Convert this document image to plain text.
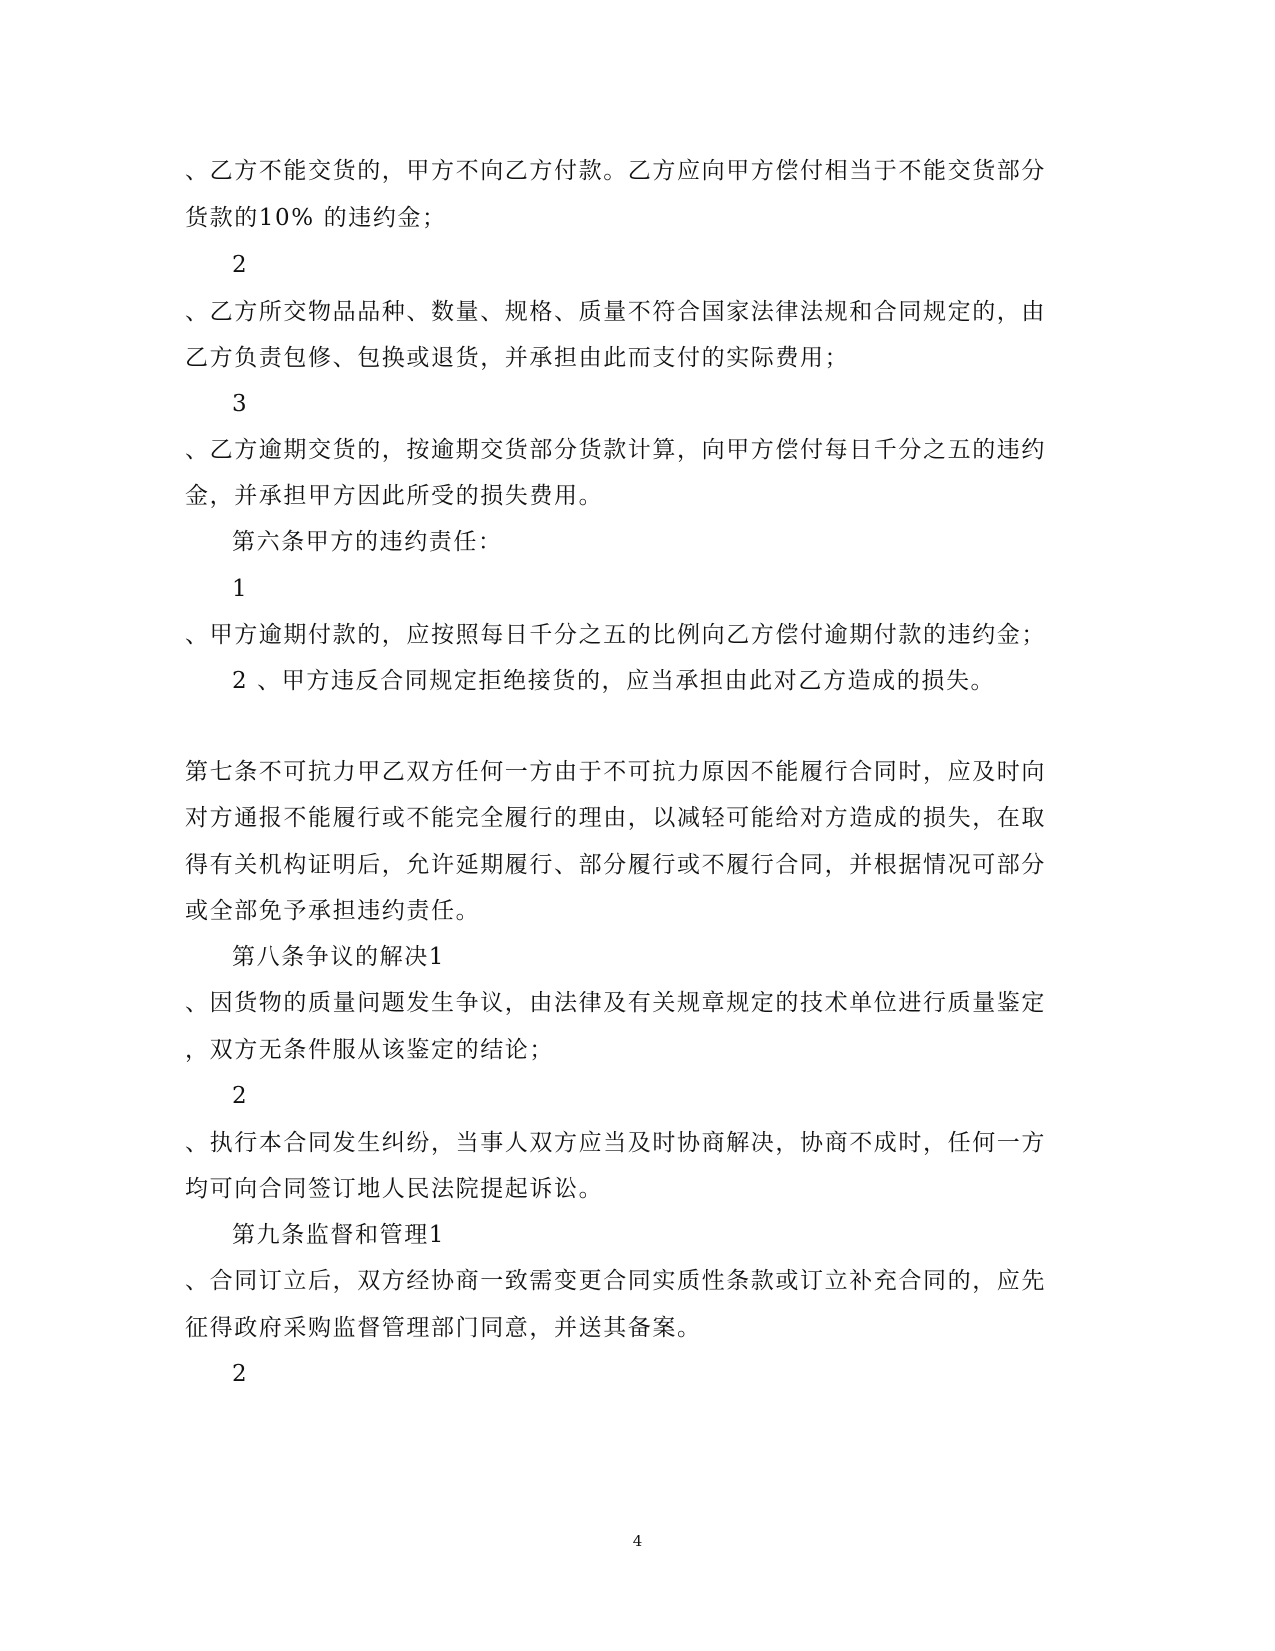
、乙方不能交货的，甲方不向乙方付款。乙方应向甲方偿付相当于不能交货部分
货款的10% 的违约金；
2
、乙方所交物品品种、数量、规格、质量不符合国家法律法规和合同规定的，由
乙方负责包修、包换或退货，并承担由此而支付的实际费用；
3
、乙方逾期交货的，按逾期交货部分货款计算，向甲方偿付每日千分之五的违约
金，并承担甲方因此所受的损失费用。
第六条甲方的违约责任：
1
、甲方逾期付款的，应按照每日千分之五的比例向乙方偿付逾期付款的违约金；
2 、甲方违反合同规定拒绝接货的，应当承担由此对乙方造成的损失。
第七条不可抗力甲乙双方任何一方由于不可抗力原因不能履行合同时，应及时向
对方通报不能履行或不能完全履行的理由，以减轻可能给对方造成的损失，在取
得有关机构证明后，允许延期履行、部分履行或不履行合同，并根据情况可部分
或全部免予承担违约责任。
第八条争议的解决1
、因货物的质量问题发生争议，由法律及有关规章规定的技术单位进行质量鉴定
，双方无条件服从该鉴定的结论；
2
、执行本合同发生纠纷，当事人双方应当及时协商解决，协商不成时，任何一方
均可向合同签订地人民法院提起诉讼。
第九条监督和管理1
、合同订立后，双方经协商一致需变更合同实质性条款或订立补充合同的，应先
征得政府采购监督管理部门同意，并送其备案。
2
4
